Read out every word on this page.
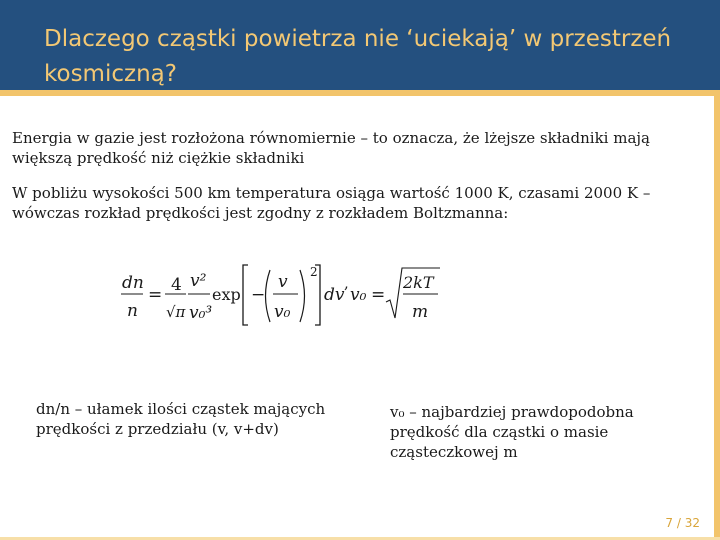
Dlaczego cząstki powietrza nie ‘uciekają’ w przestrzeń kosmiczną?

Energia w gazie jest rozłożona równomiernie – to oznacza, że lżejsze składniki mają większą prędkość niż ciężkie składniki

W pobliżu wysokości 500 km temperatura osiąga wartość 1000 K, czasami 2000 K – wówczas rozkład prędkości jest zgodny z rozkładem Boltzmanna:

dn
n
= 4
√π
v²
v₀³
exp −
v
v₀
2
dv
,
v₀ =
2kT
m

dn/n – ułamek ilości cząstek mających prędkości z przedziału (v, v+dv)

v₀ – najbardziej prawdopodobna prędkość dla cząstki o masie cząsteczkowej m

7 / 32
